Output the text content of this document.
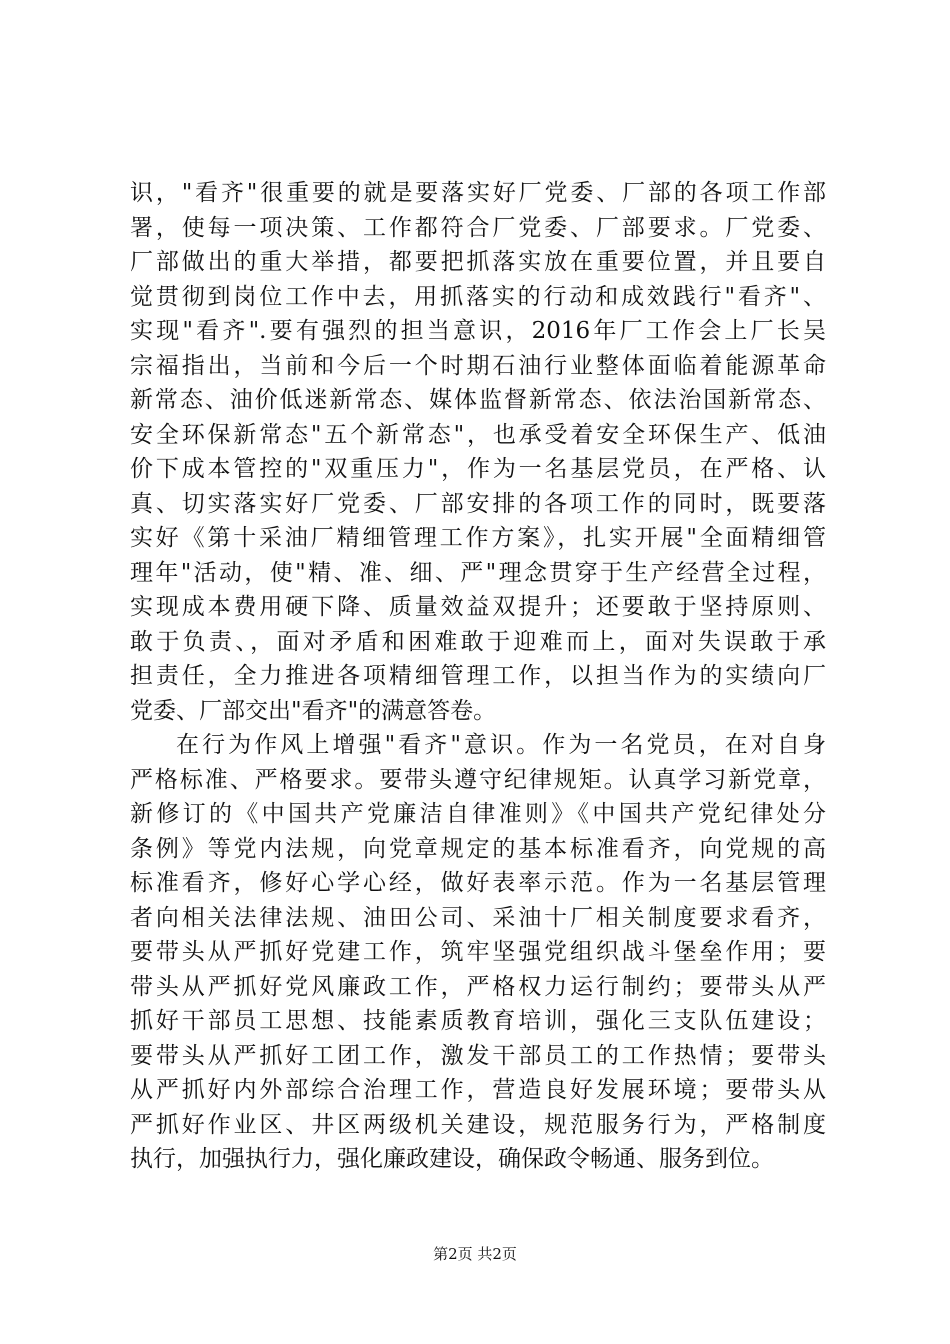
识，"看齐"很重要的就是要落实好厂党委、厂部的各项工作部
署，使每一项决策、工作都符合厂党委、厂部要求。厂党委、
厂部做出的重大举措，都要把抓落实放在重要位置，并且要自
觉贯彻到岗位工作中去，用抓落实的行动和成效践行"看齐"、
实现"看齐".要有强烈的担当意识，2016年厂工作会上厂长吴
宗福指出，当前和今后一个时期石油行业整体面临着能源革命
新常态、油价低迷新常态、媒体监督新常态、依法治国新常态、
安全环保新常态"五个新常态"，也承受着安全环保生产、低油
价下成本管控的"双重压力"，作为一名基层党员，在严格、认
真、切实落实好厂党委、厂部安排的各项工作的同时，既要落
实好《第十采油厂精细管理工作方案》，扎实开展"全面精细管
理年"活动，使"精、准、细、严"理念贯穿于生产经营全过程，
实现成本费用硬下降、质量效益双提升；还要敢于坚持原则、
敢于负责、，面对矛盾和困难敢于迎难而上，面对失误敢于承
担责任，全力推进各项精细管理工作，以担当作为的实绩向厂
党委、厂部交出"看齐"的满意答卷。
在行为作风上增强"看齐"意识。作为一名党员，在对自身
严格标准、严格要求。要带头遵守纪律规矩。认真学习新党章，
新修订的《中国共产党廉洁自律准则》《中国共产党纪律处分
条例》等党内法规，向党章规定的基本标准看齐，向党规的高
标准看齐，修好心学心经，做好表率示范。作为一名基层管理
者向相关法律法规、油田公司、采油十厂相关制度要求看齐，
要带头从严抓好党建工作，筑牢坚强党组织战斗堡垒作用；要
带头从严抓好党风廉政工作，严格权力运行制约；要带头从严
抓好干部员工思想、技能素质教育培训，强化三支队伍建设；
要带头从严抓好工团工作，激发干部员工的工作热情；要带头
从严抓好内外部综合治理工作，营造良好发展环境；要带头从
严抓好作业区、井区两级机关建设，规范服务行为，严格制度
执行，加强执行力，强化廉政建设，确保政令畅通、服务到位。
第2页 共2页
